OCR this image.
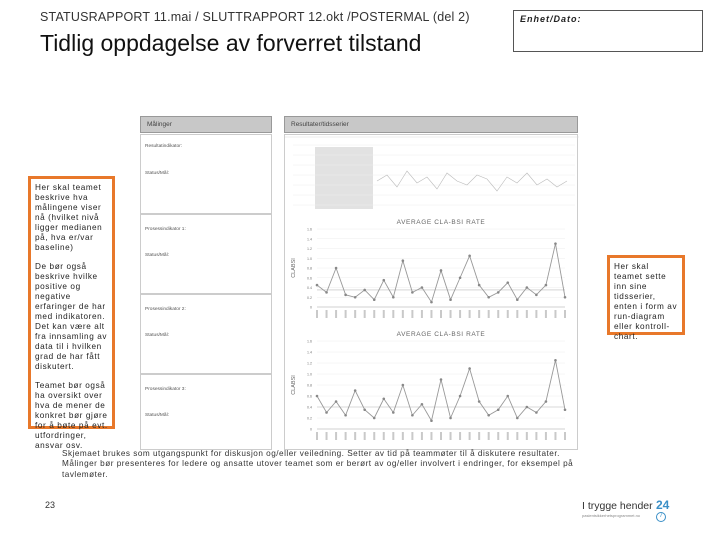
STATUSRAPPORT 11.mai / SLUTTRAPPORT 12.okt /POSTERMAL (del 2)
Tidlig oppdagelse av forverret tilstand
Enhet/Dato:
Målinger	Resultater/tidsserier
Resultatindikator:
Status/Mål:
Prosessindikator 1:
Status/Mål:
Prosessindikator 2:
Status/Mål:
Prosessindikator 3:
Status/Mål:
AVERAGE CLA-BSI RATE
0
0.2
0.4
0.6
0.8
1.0
1.2
1.4
1.6
CLABSI
AVERAGE CLA-BSI RATE
0
0.2
0.4
0.6
0.8
1.0
1.2
1.4
1.6
CLABSI

Her skal teamet beskrive hva målingene viser nå (hvilket nivå ligger medianen på, hva er/var baseline)

De bør også beskrive hvilke positive og negative erfaringer de har med indikatoren. Det kan være alt fra innsamling av data til i hvilken grad de har fått diskutert.

Teamet bør også ha oversikt over hva de mener de konkret bør gjøre for å bøte på evt. utfordringer, ansvar osv.

Her skal teamet sette inn sine tidsserier, enten i form av run-diagram eller kontroll-chart.

Skjemaet brukes som utgangspunkt for diskusjon og/eller veiledning. Setter av tid på teammøter til å diskutere resultater. Målinger bør presenteres for ledere og ansatte utover teamet som er berørt av og/eller involvert i endringer, for eksempel på tavlemøter.
23	I trygge hender
pasientsikkerhetsprogrammet.no
24
7
